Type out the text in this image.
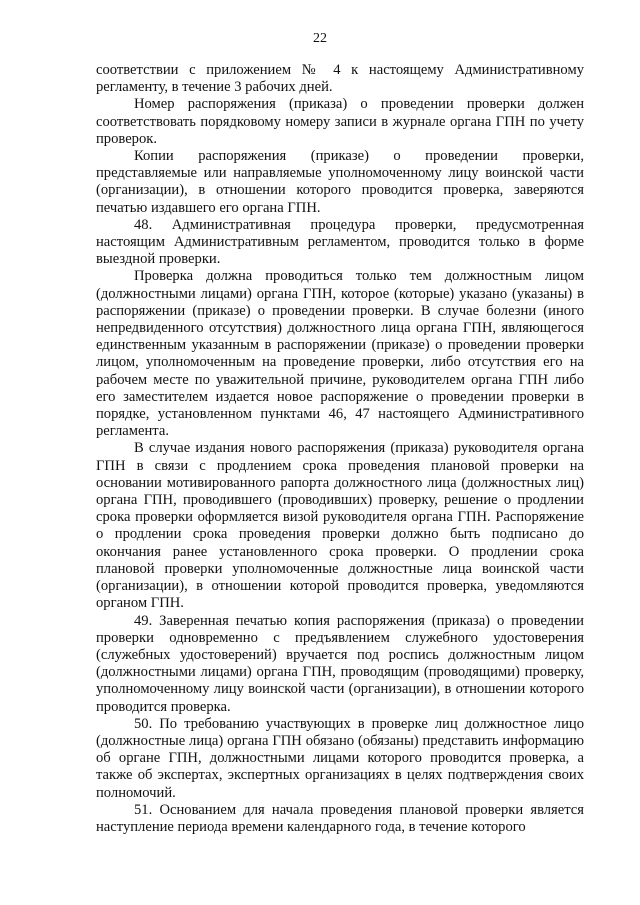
22

соответствии с приложением № 4 к настоящему Административному регламенту, в течение 3 рабочих дней.

Номер распоряжения (приказа) о проведении проверки должен соответствовать порядковому номеру записи в журнале органа ГПН по учету проверок.

Копии распоряжения (приказе) о проведении проверки, представляемые или направляемые уполномоченному лицу воинской части (организации), в отношении которого проводится проверка, заверяются печатью издавшего его органа ГПН.

48. Административная процедура проверки, предусмотренная настоящим Административным регламентом, проводится только в форме выездной проверки.

Проверка должна проводиться только тем должностным лицом (должностными лицами) органа ГПН, которое (которые) указано (указаны) в распоряжении (приказе) о проведении проверки. В случае болезни (иного непредвиденного отсутствия) должностного лица органа ГПН, являющегося единственным указанным в распоряжении (приказе) о проведении проверки лицом, уполномоченным на проведение проверки, либо отсутствия его на рабочем месте по уважительной причине, руководителем органа ГПН либо его заместителем издается новое распоряжение о проведении проверки в порядке, установленном пунктами 46, 47 настоящего Административного регламента.

В случае издания нового распоряжения (приказа) руководителя органа ГПН в связи с продлением срока проведения плановой проверки на основании мотивированного рапорта должностного лица (должностных лиц) органа ГПН, проводившего (проводивших) проверку, решение о продлении срока проверки оформляется визой руководителя органа ГПН. Распоряжение о продлении срока проведения проверки должно быть подписано до окончания ранее установленного срока проверки. О продлении срока плановой проверки уполномоченные должностные лица воинской части (организации), в отношении которой проводится проверка, уведомляются органом ГПН.

49. Заверенная печатью копия распоряжения (приказа) о проведении проверки одновременно с предъявлением служебного удостоверения (служебных удостоверений) вручается под роспись должностным лицом (должностными лицами) органа ГПН, проводящим (проводящими) проверку, уполномоченному лицу воинской части (организации), в отношении которого проводится проверка.

50. По требованию участвующих в проверке лиц должностное лицо (должностные лица) органа ГПН обязано (обязаны) представить информацию об органе ГПН, должностными лицами которого проводится проверка, а также об экспертах, экспертных организациях в целях подтверждения своих полномочий.

51. Основанием для начала проведения плановой проверки является наступление периода времени календарного года, в течение которого
